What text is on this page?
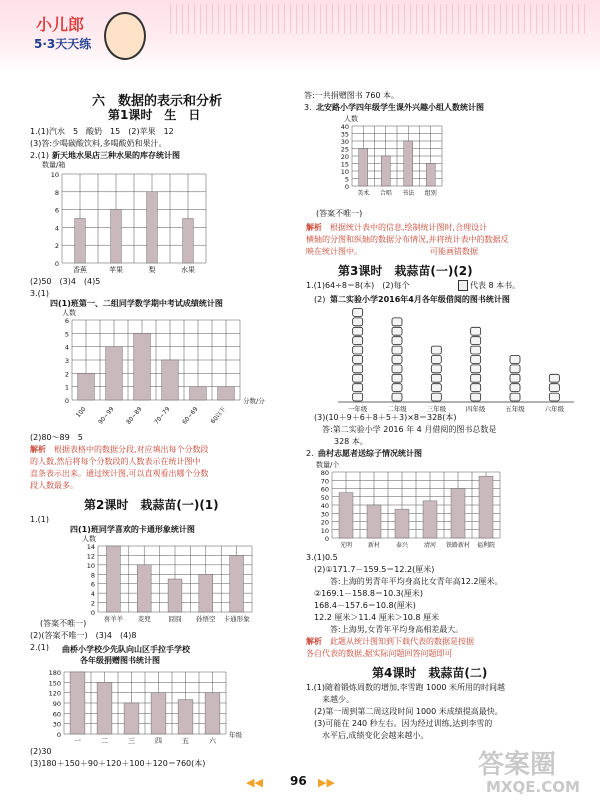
小儿郎
5·3天天练
六　数据的表示和分析
第1课时　生　日
1.(1)汽水　5　酸奶　15　(2)苹果　12
(3)答:少喝碳酸饮料,多喝酸奶和果汁。
2.(1) 新天地水果店三种水果的库存统计图
数量/箱
0
2
4
6
8
10
香蕉	苹果	梨	水果
(2)50　(3)4　(4)5
3.(1)
四(1)班第一、二组同学数学期中考试成绩统计图
人数
0
1
2
3
4
5
6
100 90~99 80~89 70~79 60~69 60以下
分数/分
(2)80～89　5
解析 根据表格中的数据分段,对应填出每个分数段
的人数,然后将每个分数段的人数表示在统计图中
直条表示出来。通过统计图,可以直观看出哪个分数
段人数最多。
第2课时　栽蒜苗(一)(1)
1.(1)
四(1)班同学喜欢的卡通形象统计图
人数
0
2
4
6
8
10
12
14
喜羊羊 麦兜	囧囧 孙悟空 卡通形象
(答案不唯一)
(2)(答案不唯一)　(3)4　(4)8
2.(1) 曲桥小学校少先队向山区手拉手学校
各年级捐赠图书统计图
0
30
60
90
120
150
180
一	二	三	四	五	六
年级
(2)30
(3)180＋150＋90＋120＋100＋120＝760(本)
答:一共捐赠图书 760 本。
3. 北安路小学四年级学生课外兴趣小组人数统计图
人数
0
5
10
15
20
25
30
35
40
美术 合唱 书法 组别
(答案不唯一)
解析 根据统计表中的信息,绘制统计图时,合理设计
横轴的分图和纵轴的数据分布情况,并将统计表中的数据反
映在统计图中。　　　　　　　　　可能画错数据
第3课时　栽蒜苗(一)(2)
1.(1)64÷8＝8(本)　(2)每个	代表 8 本书。
(2) 第二实验小学2016年4月各年级借阅的图书统计图
一年级	二年级	三年级	四年级	五年级	六年级
(3)(10＋9＋6＋8＋5＋3)×8＝328(本)
答:第二实验小学 2016 年 4 月借阅的图书总数是
328 本。
2. 曲村志愿者送综子情况统计图
数量/个
0
10
20
30
40
50
60
70
80
光明	新村	泰兴	清河 铁路新村 福利院
3.(1)0.5
(2)①171.7－159.5＝12.2(厘米)
答:上海的男青年平均身高比女青年高12.2厘米。
②169.1－158.8＝10.3(厘米)
168.4－157.6＝10.8(厘米)
12.2 厘米＞11.4 厘米＞10.8 厘米
答:上海男,女青年平均身高相差最大。
解析 此题从统计图知到下载代表的数据是按据
各自代表的数据,据实际问题回答问题即可
第4课时　栽蒜苗(二)
1.(1)随着锻炼周数的增加,李雪跑 1000 米所用的时间越
来越少。
(2)第一周到第二周这段时间 1000 米成绩提高最快。
(3)可能在 240 秒左右。因为经过训练,达到李雪的
水平后,成绩变化会越来越小。
◀◀ 96 ▶▶
答案圈
MXQE.COM
